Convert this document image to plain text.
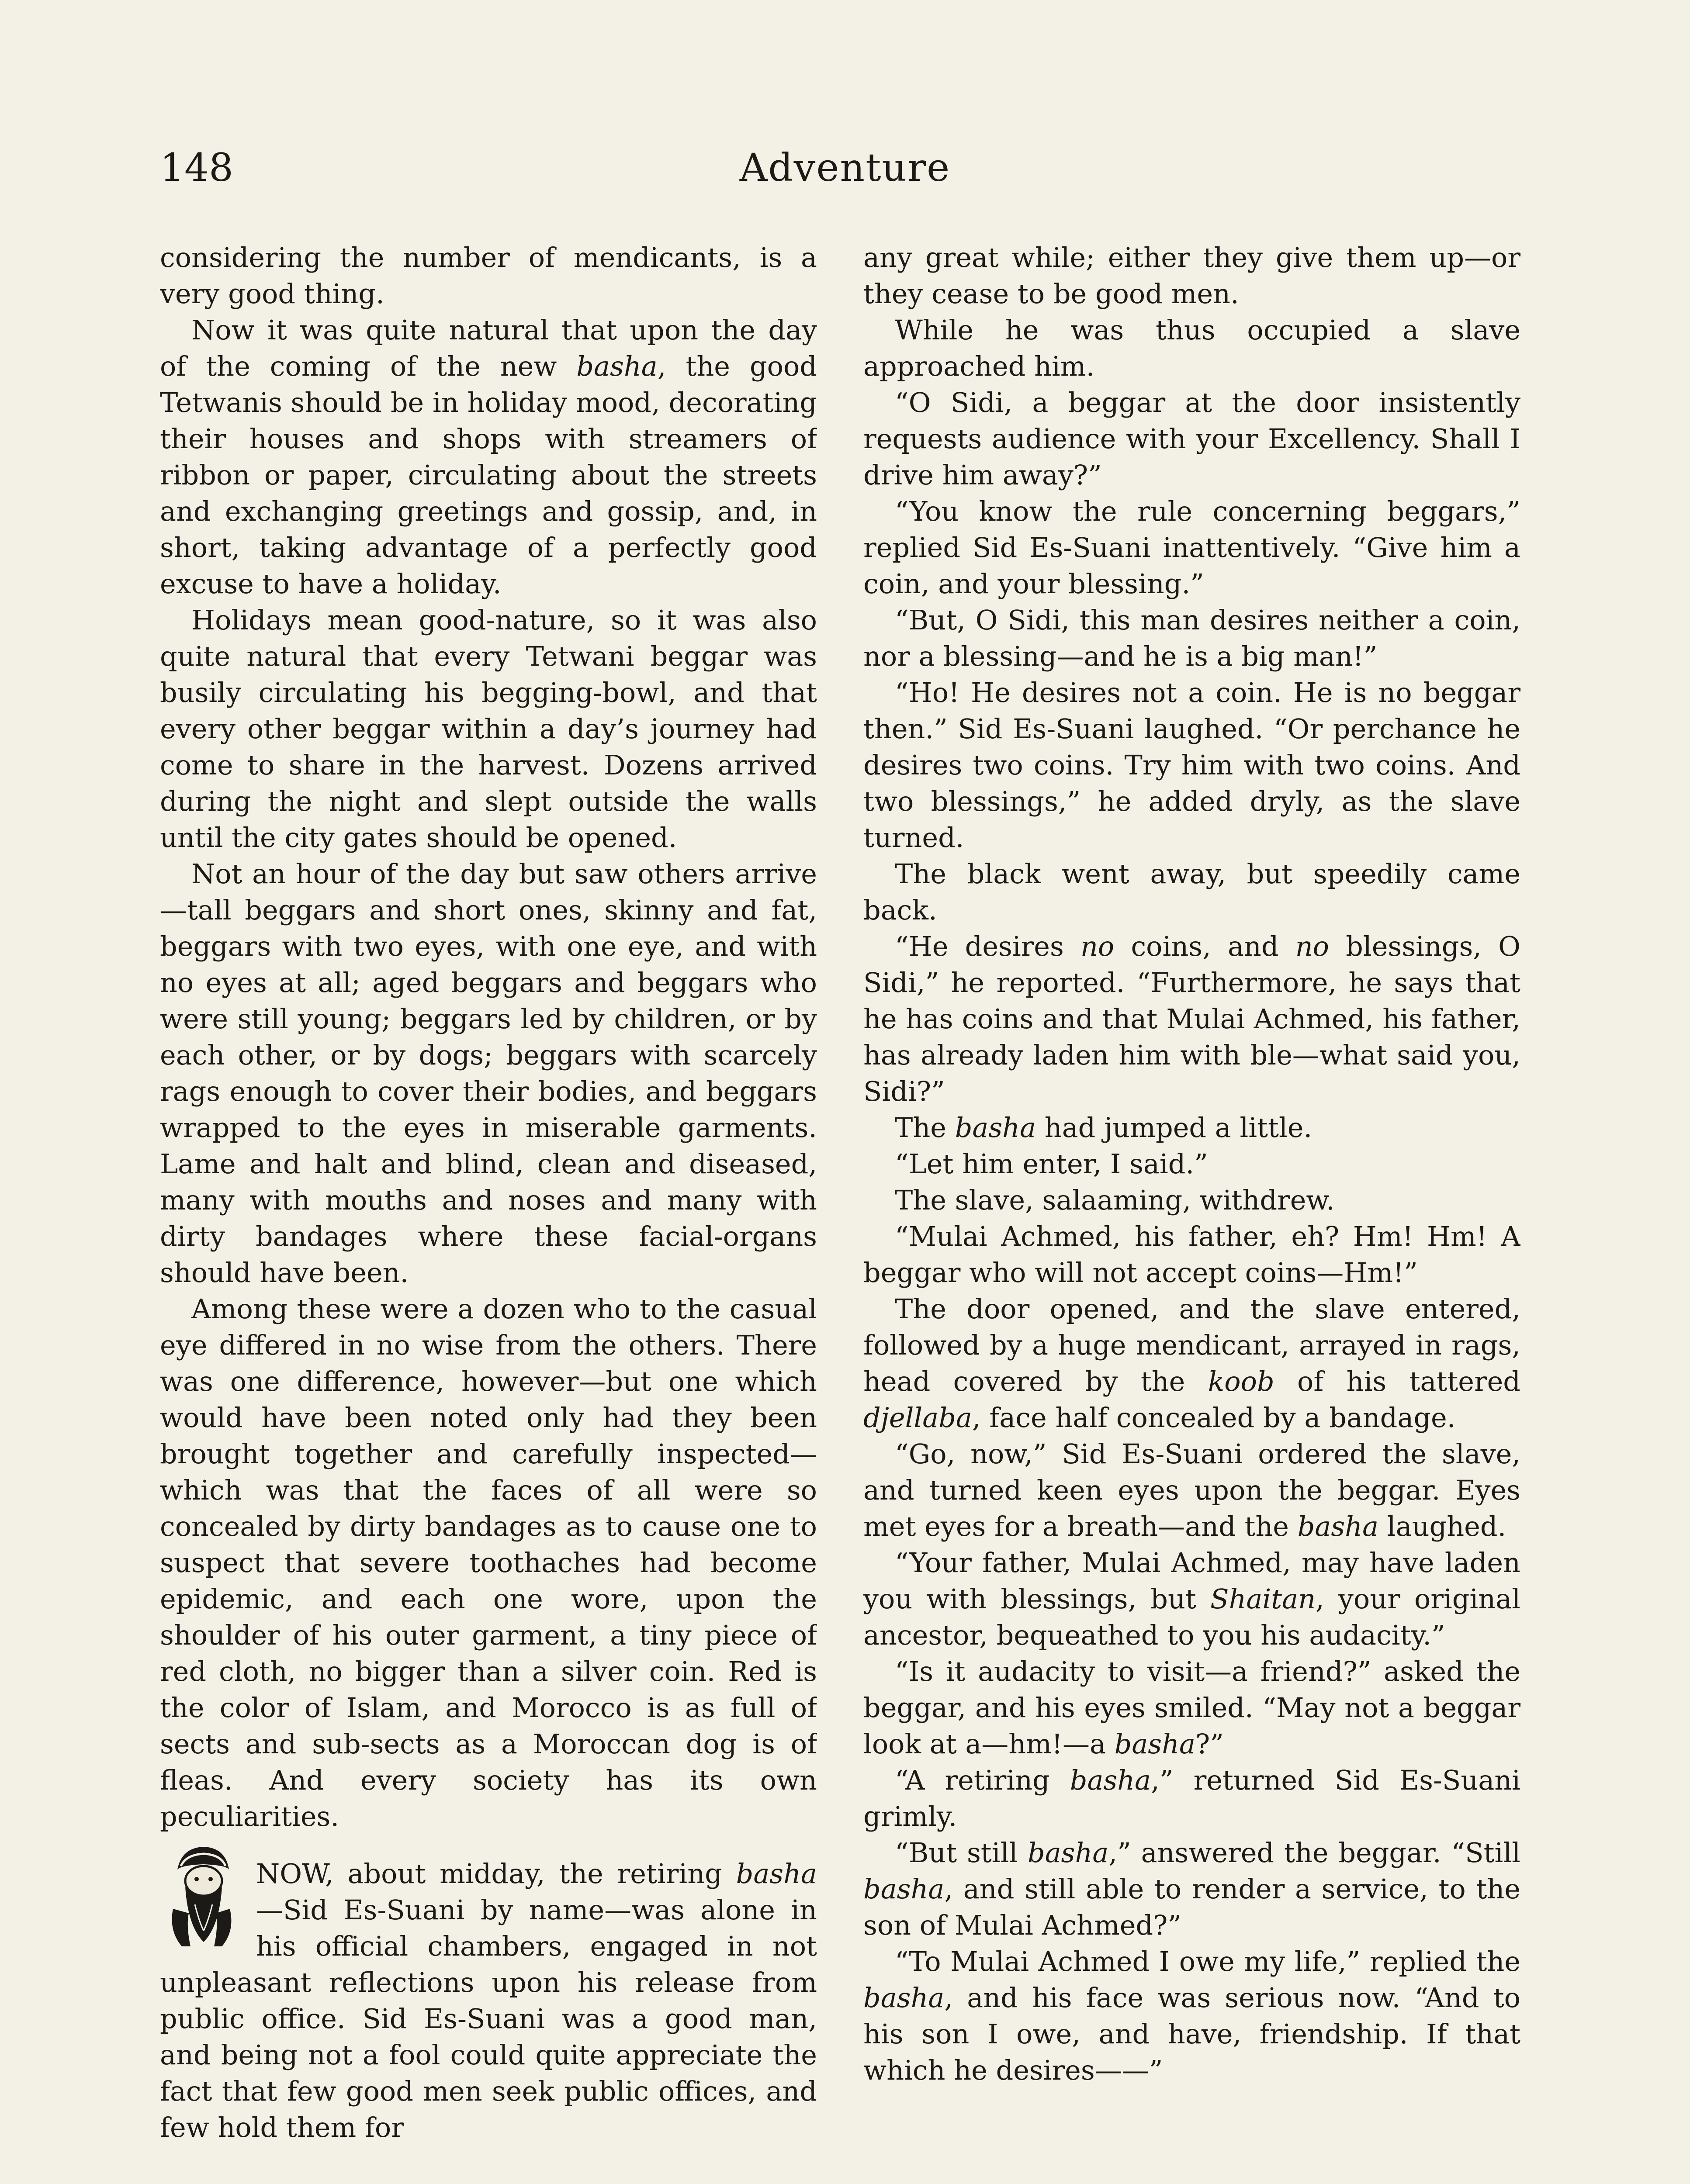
148	Adventure

considering the number of mendicants, is a very good thing.

Now it was quite natural that upon the day of the coming of the new basha, the good Tetwanis should be in holiday mood, decorating their houses and shops with streamers of ribbon or paper, circulating about the streets and exchanging greetings and gossip, and, in short, taking advantage of a perfectly good excuse to have a holiday.

Holidays mean good-nature, so it was also quite natural that every Tetwani beggar was busily circulating his begging-bowl, and that every other beggar within a day’s journey had come to share in the harvest. Dozens arrived during the night and slept outside the walls until the city gates should be opened.

Not an hour of the day but saw others arrive—tall beggars and short ones, skinny and fat, beggars with two eyes, with one eye, and with no eyes at all; aged beggars and beggars who were still young; beggars led by children, or by each other, or by dogs; beggars with scarcely rags enough to cover their bodies, and beggars wrapped to the eyes in miserable garments. Lame and halt and blind, clean and diseased, many with mouths and noses and many with dirty bandages where these facial-organs should have been.

Among these were a dozen who to the casual eye differed in no wise from the others. There was one difference, however—but one which would have been noted only had they been brought together and carefully inspected—which was that the faces of all were so concealed by dirty bandages as to cause one to suspect that severe toothaches had become epidemic, and each one wore, upon the shoulder of his outer garment, a tiny piece of red cloth, no bigger than a silver coin. Red is the color of Islam, and Morocco is as full of sects and sub-sects as a Moroccan dog is of fleas. And every society has its own peculiarities.

NOW, about midday, the retiring basha—Sid Es-Suani by name—was alone in his official chambers, engaged in not unpleasant reflections upon his release from public office. Sid Es-Suani was a good man, and being not a fool could quite appreciate the fact that few good men seek public offices, and few hold them for

any great while; either they give them up—or they cease to be good men.

While he was thus occupied a slave approached him.

“O Sidi, a beggar at the door insistently requests audience with your Excellency. Shall I drive him away?”

“You know the rule concerning beggars,” replied Sid Es-Suani inattentively. “Give him a coin, and your blessing.”

“But, O Sidi, this man desires neither a coin, nor a blessing—and he is a big man!”

“Ho! He desires not a coin. He is no beggar then.” Sid Es-Suani laughed. “Or perchance he desires two coins. Try him with two coins. And two blessings,” he added dryly, as the slave turned.

The black went away, but speedily came back.

“He desires no coins, and no blessings, O Sidi,” he reported. “Furthermore, he says that he has coins and that Mulai Achmed, his father, has already laden him with ble—what said you, Sidi?”

The basha had jumped a little.

“Let him enter, I said.”

The slave, salaaming, withdrew.

“Mulai Achmed, his father, eh? Hm! Hm! A beggar who will not accept coins—Hm!”

The door opened, and the slave entered, followed by a huge mendicant, arrayed in rags, head covered by the koob of his tattered djellaba, face half concealed by a bandage.

“Go, now,” Sid Es-Suani ordered the slave, and turned keen eyes upon the beggar. Eyes met eyes for a breath—and the basha laughed.

“Your father, Mulai Achmed, may have laden you with blessings, but Shaitan, your original ancestor, bequeathed to you his audacity.”

“Is it audacity to visit—a friend?” asked the beggar, and his eyes smiled. “May not a beggar look at a—hm!—a basha?”

“A retiring basha,” returned Sid Es-Suani grimly.

“But still basha,” answered the beggar. “Still basha, and still able to render a service, to the son of Mulai Achmed?”

“To Mulai Achmed I owe my life,” replied the basha, and his face was serious now. “And to his son I owe, and have, friendship. If that which he desires——”
